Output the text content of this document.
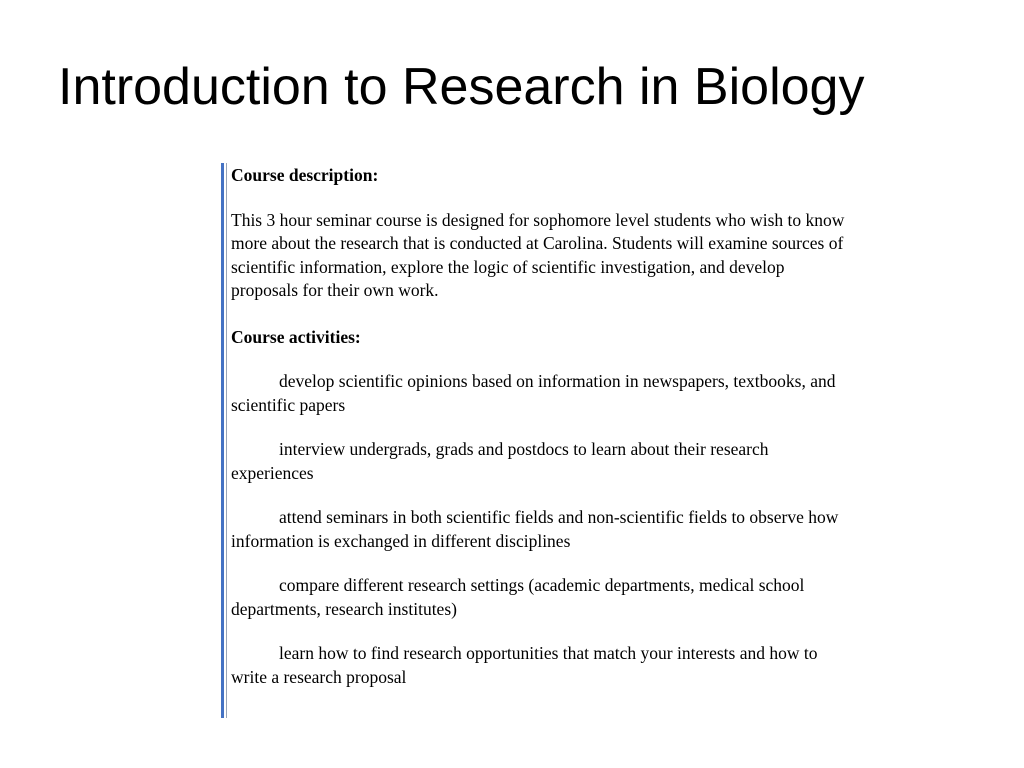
Introduction to Research in Biology

Course description:

This 3 hour seminar course is designed for sophomore level students who wish to know more about the research that is conducted at Carolina. Students will examine sources of scientific information, explore the logic of scientific investigation, and develop proposals for their own work.

Course activities:

develop scientific opinions based on information in newspapers, textbooks, and scientific papers
interview undergrads, grads and postdocs to learn about their research experiences
attend seminars in both scientific fields and non-scientific fields to observe how information is exchanged in different disciplines
compare different research settings (academic departments, medical school departments, research institutes)
learn how to find research opportunities that match your interests and how to write a research proposal
